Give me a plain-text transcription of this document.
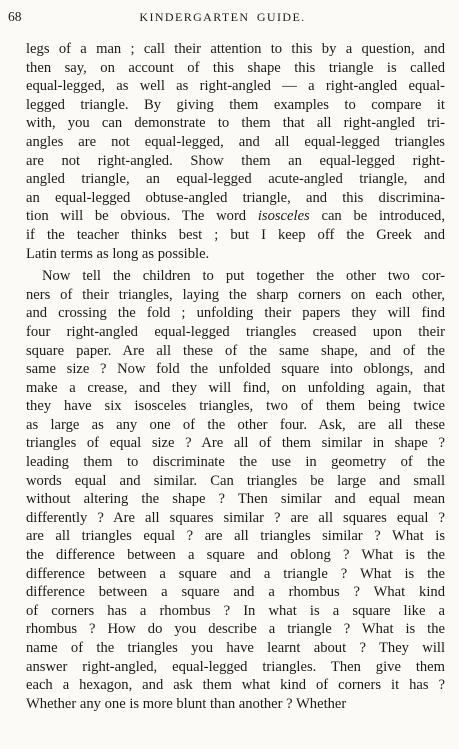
68	KINDERGARTEN GUIDE.
legs of a man ; call their attention to this by a question, and
then say, on account of this shape this triangle is called
equal-legged, as well as right-angled — a right-angled equal-
legged triangle. By giving them examples to compare it
with, you can demonstrate to them that all right-angled tri-
angles are not equal-legged, and all equal-legged triangles
are not right-angled. Show them an equal-legged right-
angled triangle, an equal-legged acute-angled triangle, and
an equal-legged obtuse-angled triangle, and this discrimina-
tion will be obvious. The word isosceles can be introduced,
if the teacher thinks best ; but I keep off the Greek and
Latin terms as long as possible.
Now tell the children to put together the other two cor-
ners of their triangles, laying the sharp corners on each other,
and crossing the fold ; unfolding their papers they will find
four right-angled equal-legged triangles creased upon their
square paper. Are all these of the same shape, and of the
same size ? Now fold the unfolded square into oblongs, and
make a crease, and they will find, on unfolding again, that
they have six isosceles triangles, two of them being twice
as large as any one of the other four. Ask, are all these
triangles of equal size ? Are all of them similar in shape ?
leading them to discriminate the use in geometry of the
words equal and similar. Can triangles be large and small
without altering the shape ? Then similar and equal mean
differently ? Are all squares similar ? are all squares equal ?
are all triangles equal ? are all triangles similar ? What is
the difference between a square and oblong ? What is the
difference between a square and a triangle ? What is the
difference between a square and a rhombus ? What kind
of corners has a rhombus ? In what is a square like a
rhombus ? How do you describe a triangle ? What is the
name of the triangles you have learnt about ? They will
answer right-angled, equal-legged triangles. Then give them
each a hexagon, and ask them what kind of corners it has ?
Whether any one is more blunt than another ? Whether
